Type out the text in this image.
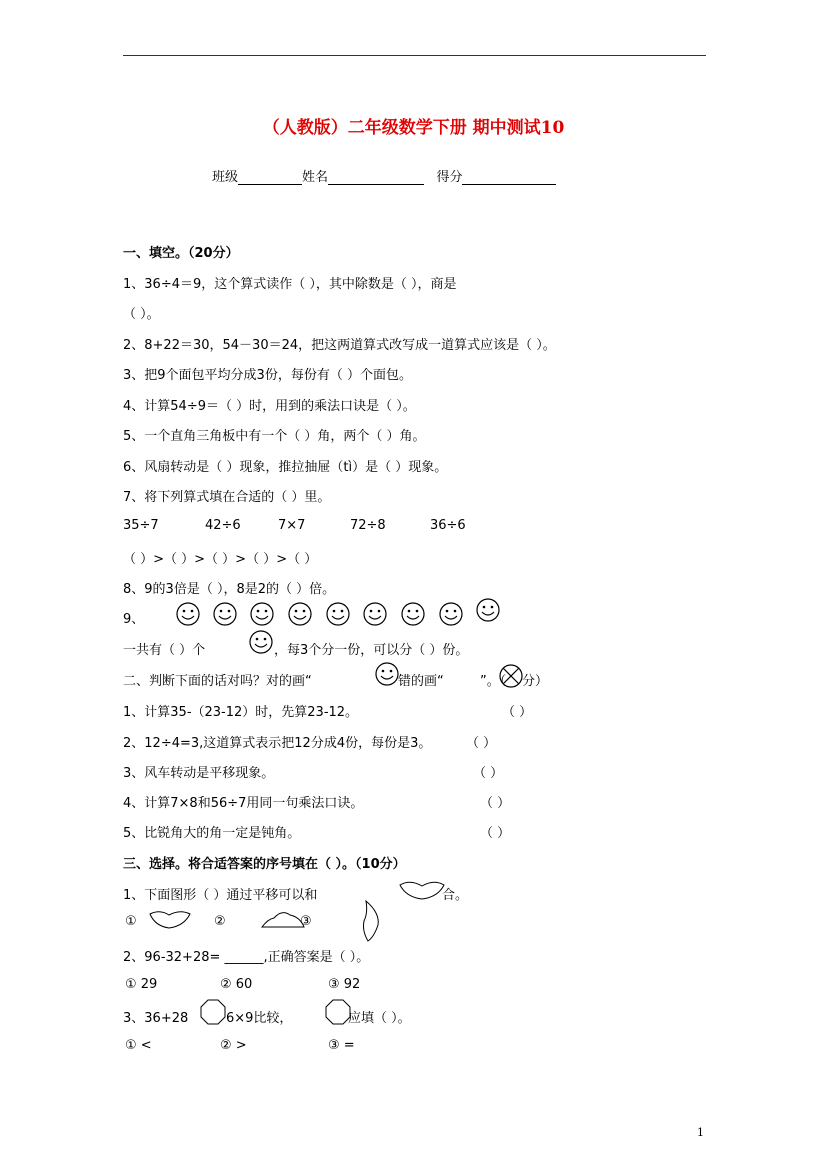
（人教版）二年级数学下册 期中测试10
班级	姓名	得分
一、填空。（20分）
1、36÷4＝9，这个算式读作（ ），其中除数是（ ），商是
（ ）。
2、8+22＝30，54－30＝24，把这两道算式改写成一道算式应该是（ ）。
3、把9个面包平均分成3份，每份有（ ）个面包。
4、计算54÷9＝（ ）时，用到的乘法口诀是（ ）。
5、一个直角三角板中有一个（ ）角，两个（ ）角。
6、风扇转动是（ ）现象，推拉抽屉（tì）是（ ）现象。
7、将下列算式填在合适的（ ）里。
35÷7	42÷6	7×7	72÷8	36÷6
（ ）>（ ）>（ ）>（ ）>（ ）
8、9的3倍是（ ），8是2的（ ）倍。
9、
一共有（ ）个	，每3个分一份，可以分（ ）份。
二、判断下面的话对吗？对的画“	错的画“	”。（ 分）
1、计算35-（23-12）时，先算23-12。	（ ）
2、12÷4=3,这道算式表示把12分成4份，每份是3。	（ ）
3、风车转动是平移现象。	（ ）
4、计算7×8和56÷7用同一句乘法口诀。	（ ）
5、比锐角大的角一定是钝角。	（ ）
三、选择。将合适答案的序号填在（ ）。（10分）
1、下面图形（ ）通过平移可以和	合。
①	②	③
2、96-32+28= ______,正确答案是（ ）。
① 29	② 60	③ 92
3、36+28	6×9比较，	应填（ ）。
① <	② >	③ =
1
